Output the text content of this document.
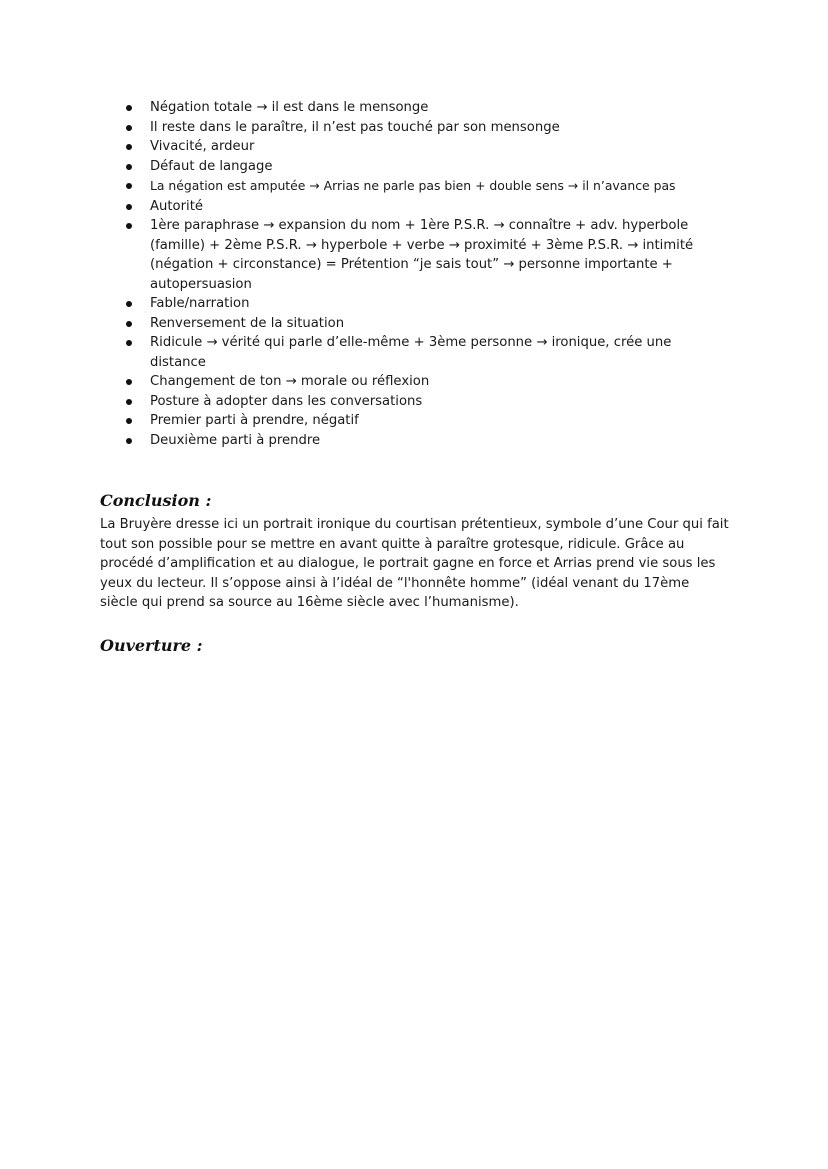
Négation totale → il est dans le mensonge
Il reste dans le paraître, il n’est pas touché par son mensonge
Vivacité, ardeur
Défaut de langage
La négation est amputée → Arrias ne parle pas bien + double sens → il n’avance pas
Autorité
1ère paraphrase → expansion du nom + 1ère P.S.R. → connaître + adv. hyperbole (famille) + 2ème P.S.R. → hyperbole + verbe → proximité + 3ème P.S.R. → intimité (négation + circonstance) = Prétention “je sais tout” → personne importante + autopersuasion
Fable/narration
Renversement de la situation
Ridicule → vérité qui parle d’elle-même + 3ème personne → ironique, crée une distance
Changement de ton → morale ou réflexion
Posture à adopter dans les conversations
Premier parti à prendre, négatif
Deuxième parti à prendre
Conclusion :

La Bruyère dresse ici un portrait ironique du courtisan prétentieux, symbole d’une Cour qui fait tout son possible pour se mettre en avant quitte à paraître grotesque, ridicule. Grâce au procédé d’amplification et au dialogue, le portrait gagne en force et Arrias prend vie sous les yeux du lecteur. Il s’oppose ainsi à l’idéal de “l'honnête homme” (idéal venant du 17ème siècle qui prend sa source au 16ème siècle avec l’humanisme).

Ouverture :
